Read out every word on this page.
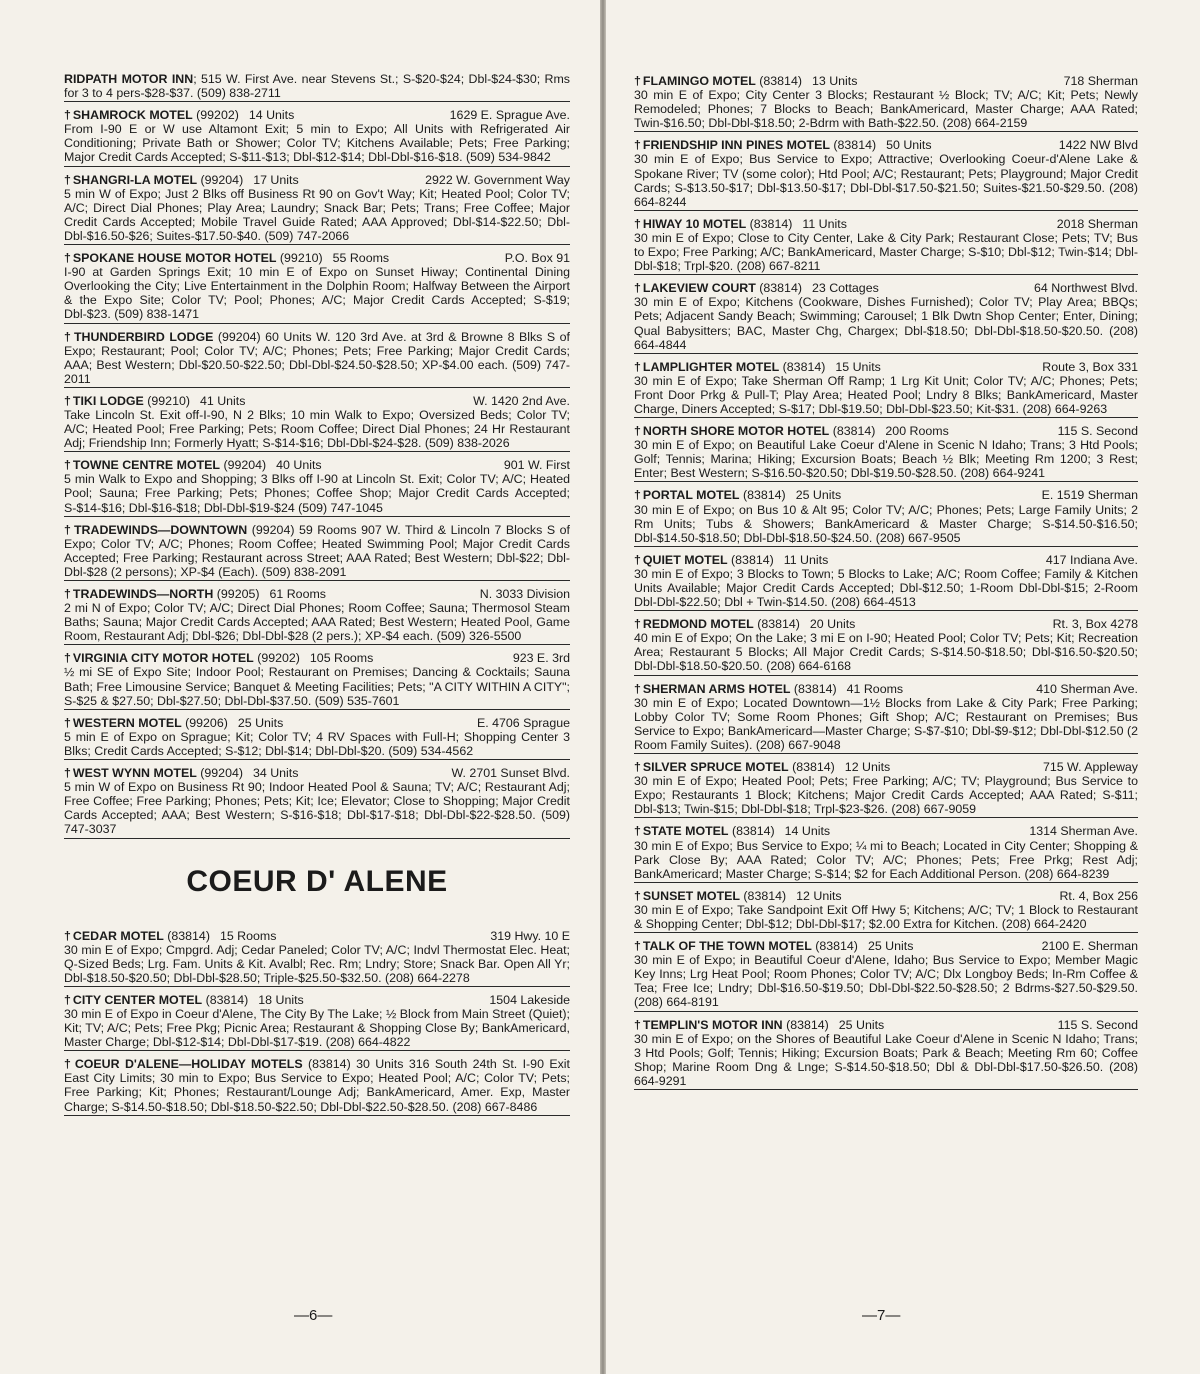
RIDPATH MOTOR INN; 515 W. First Ave. near Stevens St.; S-$20-$24; Dbl-$24-$30; Rms for 3 to 4 pers-$28-$37. (509) 838-2711
† SHAMROCK MOTEL (99202) 14 Units	1629 E. Sprague Ave.
From I-90 E or W use Altamont Exit; 5 min to Expo; All Units with Refrigerated Air Conditioning; Private Bath or Shower; Color TV; Kitchens Available; Pets; Free Parking; Major Credit Cards Accepted; S-$11-$13; Dbl-$12-$14; Dbl-Dbl-$16-$18. (509) 534-9842
† SHANGRI-LA MOTEL (99204) 17 Units	2922 W. Government Way
5 min W of Expo; Just 2 Blks off Business Rt 90 on Gov't Way; Kit; Heated Pool; Color TV; A/C; Direct Dial Phones; Play Area; Laundry; Snack Bar; Pets; Trans; Free Coffee; Major Credit Cards Accepted; Mobile Travel Guide Rated; AAA Approved; Dbl-$14-$22.50; Dbl-Dbl-$16.50-$26; Suites-$17.50-$40. (509) 747-2066
† SPOKANE HOUSE MOTOR HOTEL (99210) 55 Rooms	P.O. Box 91
I-90 at Garden Springs Exit; 10 min E of Expo on Sunset Hiway; Continental Dining Overlooking the City; Live Entertainment in the Dolphin Room; Halfway Between the Airport & the Expo Site; Color TV; Pool; Phones; A/C; Major Credit Cards Accepted; S-$19; Dbl-$23. (509) 838-1471
† THUNDERBIRD LODGE (99204) 60 Units W. 120 3rd Ave. at 3rd & Browne 8 Blks S of Expo; Restaurant; Pool; Color TV; A/C; Phones; Pets; Free Parking; Major Credit Cards; AAA; Best Western; Dbl-$20.50-$22.50; Dbl-Dbl-$24.50-$28.50; XP-$4.00 each. (509) 747-2011
† TIKI LODGE (99210) 41 Units	W. 1420 2nd Ave.
Take Lincoln St. Exit off-I-90, N 2 Blks; 10 min Walk to Expo; Oversized Beds; Color TV; A/C; Heated Pool; Free Parking; Pets; Room Coffee; Direct Dial Phones; 24 Hr Restaurant Adj; Friendship Inn; Formerly Hyatt; S-$14-$16; Dbl-Dbl-$24-$28. (509) 838-2026
† TOWNE CENTRE MOTEL (99204) 40 Units	901 W. First
5 min Walk to Expo and Shopping; 3 Blks off I-90 at Lincoln St. Exit; Color TV; A/C; Heated Pool; Sauna; Free Parking; Pets; Phones; Coffee Shop; Major Credit Cards Accepted; S-$14-$16; Dbl-$16-$18; Dbl-Dbl-$19-$24 (509) 747-1045
† TRADEWINDS—DOWNTOWN (99204) 59 Rooms 907 W. Third & Lincoln 7 Blocks S of Expo; Color TV; A/C; Phones; Room Coffee; Heated Swimming Pool; Major Credit Cards Accepted; Free Parking; Restaurant across Street; AAA Rated; Best Western; Dbl-$22; Dbl-Dbl-$28 (2 persons); XP-$4 (Each). (509) 838-2091
† TRADEWINDS—NORTH (99205) 61 Rooms	N. 3033 Division
2 mi N of Expo; Color TV; A/C; Direct Dial Phones; Room Coffee; Sauna; Thermosol Steam Baths; Sauna; Major Credit Cards Accepted; AAA Rated; Best Western; Heated Pool, Game Room, Restaurant Adj; Dbl-$26; Dbl-Dbl-$28 (2 pers.); XP-$4 each. (509) 326-5500
† VIRGINIA CITY MOTOR HOTEL (99202) 105 Rooms	923 E. 3rd
½ mi SE of Expo Site; Indoor Pool; Restaurant on Premises; Dancing & Cocktails; Sauna Bath; Free Limousine Service; Banquet & Meeting Facilities; Pets; "A CITY WITHIN A CITY"; S-$25 & $27.50; Dbl-$27.50; Dbl-Dbl-$37.50. (509) 535-7601
† WESTERN MOTEL (99206) 25 Units	E. 4706 Sprague
5 min E of Expo on Sprague; Kit; Color TV; 4 RV Spaces with Full-H; Shopping Center 3 Blks; Credit Cards Accepted; S-$12; Dbl-$14; Dbl-Dbl-$20. (509) 534-4562
† WEST WYNN MOTEL (99204) 34 Units	W. 2701 Sunset Blvd.
5 min W of Expo on Business Rt 90; Indoor Heated Pool & Sauna; TV; A/C; Restaurant Adj; Free Coffee; Free Parking; Phones; Pets; Kit; Ice; Elevator; Close to Shopping; Major Credit Cards Accepted; AAA; Best Western; S-$16-$18; Dbl-$17-$18; Dbl-Dbl-$22-$28.50. (509) 747-3037
COEUR D' ALENE
† CEDAR MOTEL (83814) 15 Rooms	319 Hwy. 10 E
30 min E of Expo; Cmpgrd. Adj; Cedar Paneled; Color TV; A/C; Indvl Thermostat Elec. Heat; Q-Sized Beds; Lrg. Fam. Units & Kit. Avalbl; Rec. Rm; Lndry; Store; Snack Bar. Open All Yr; Dbl-$18.50-$20.50; Dbl-Dbl-$28.50; Triple-$25.50-$32.50. (208) 664-2278
† CITY CENTER MOTEL (83814) 18 Units	1504 Lakeside
30 min E of Expo in Coeur d'Alene, The City By The Lake; ½ Block from Main Street (Quiet); Kit; TV; A/C; Pets; Free Pkg; Picnic Area; Restaurant & Shopping Close By; BankAmericard, Master Charge; Dbl-$12-$14; Dbl-Dbl-$17-$19. (208) 664-4822
† COEUR D'ALENE—HOLIDAY MOTELS (83814) 30 Units 316 South 24th St. I-90 Exit East City Limits; 30 min to Expo; Bus Service to Expo; Heated Pool; A/C; Color TV; Pets; Free Parking; Kit; Phones; Restaurant/Lounge Adj; BankAmericard, Amer. Exp, Master Charge; S-$14.50-$18.50; Dbl-$18.50-$22.50; Dbl-Dbl-$22.50-$28.50. (208) 667-8486
—6—
† FLAMINGO MOTEL (83814) 13 Units	718 Sherman
30 min E of Expo; City Center 3 Blocks; Restaurant ½ Block; TV; A/C; Kit; Pets; Newly Remodeled; Phones; 7 Blocks to Beach; BankAmericard, Master Charge; AAA Rated; Twin-$16.50; Dbl-Dbl-$18.50; 2-Bdrm with Bath-$22.50. (208) 664-2159
† FRIENDSHIP INN PINES MOTEL (83814) 50 Units	1422 NW Blvd
30 min E of Expo; Bus Service to Expo; Attractive; Overlooking Coeur-d'Alene Lake & Spokane River; TV (some color); Htd Pool; A/C; Restaurant; Pets; Playground; Major Credit Cards; S-$13.50-$17; Dbl-$13.50-$17; Dbl-Dbl-$17.50-$21.50; Suites-$21.50-$29.50. (208) 664-8244
† HIWAY 10 MOTEL (83814) 11 Units	2018 Sherman
30 min E of Expo; Close to City Center, Lake & City Park; Restaurant Close; Pets; TV; Bus to Expo; Free Parking; A/C; BankAmericard, Master Charge; S-$10; Dbl-$12; Twin-$14; Dbl-Dbl-$18; Trpl-$20. (208) 667-8211
† LAKEVIEW COURT (83814) 23 Cottages	64 Northwest Blvd.
30 min E of Expo; Kitchens (Cookware, Dishes Furnished); Color TV; Play Area; BBQs; Pets; Adjacent Sandy Beach; Swimming; Carousel; 1 Blk Dwtn Shop Center; Enter, Dining; Qual Babysitters; BAC, Master Chg, Chargex; Dbl-$18.50; Dbl-Dbl-$18.50-$20.50. (208) 664-4844
† LAMPLIGHTER MOTEL (83814) 15 Units	Route 3, Box 331
30 min E of Expo; Take Sherman Off Ramp; 1 Lrg Kit Unit; Color TV; A/C; Phones; Pets; Front Door Prkg & Pull-T; Play Area; Heated Pool; Lndry 8 Blks; BankAmericard, Master Charge, Diners Accepted; S-$17; Dbl-$19.50; Dbl-Dbl-$23.50; Kit-$31. (208) 664-9263
† NORTH SHORE MOTOR HOTEL (83814) 200 Rooms	115 S. Second
30 min E of Expo; on Beautiful Lake Coeur d'Alene in Scenic N Idaho; Trans; 3 Htd Pools; Golf; Tennis; Marina; Hiking; Excursion Boats; Beach ½ Blk; Meeting Rm 1200; 3 Rest; Enter; Best Western; S-$16.50-$20.50; Dbl-$19.50-$28.50. (208) 664-9241
† PORTAL MOTEL (83814) 25 Units	E. 1519 Sherman
30 min E of Expo; on Bus 10 & Alt 95; Color TV; A/C; Phones; Pets; Large Family Units; 2 Rm Units; Tubs & Showers; BankAmericard & Master Charge; S-$14.50-$16.50; Dbl-$14.50-$18.50; Dbl-Dbl-$18.50-$24.50. (208) 667-9505
† QUIET MOTEL (83814) 11 Units	417 Indiana Ave.
30 min E of Expo; 3 Blocks to Town; 5 Blocks to Lake; A/C; Room Coffee; Family & Kitchen Units Available; Major Credit Cards Accepted; Dbl-$12.50; 1-Room Dbl-Dbl-$15; 2-Room Dbl-Dbl-$22.50; Dbl + Twin-$14.50. (208) 664-4513
† REDMOND MOTEL (83814) 20 Units	Rt. 3, Box 4278
40 min E of Expo; On the Lake; 3 mi E on I-90; Heated Pool; Color TV; Pets; Kit; Recreation Area; Restaurant 5 Blocks; All Major Credit Cards; S-$14.50-$18.50; Dbl-$16.50-$20.50; Dbl-Dbl-$18.50-$20.50. (208) 664-6168
† SHERMAN ARMS HOTEL (83814) 41 Rooms	410 Sherman Ave.
30 min E of Expo; Located Downtown—1½ Blocks from Lake & City Park; Free Parking; Lobby Color TV; Some Room Phones; Gift Shop; A/C; Restaurant on Premises; Bus Service to Expo; BankAmericard—Master Charge; S-$7-$10; Dbl-$9-$12; Dbl-Dbl-$12.50 (2 Room Family Suites). (208) 667-9048
† SILVER SPRUCE MOTEL (83814) 12 Units	715 W. Appleway
30 min E of Expo; Heated Pool; Pets; Free Parking; A/C; TV; Playground; Bus Service to Expo; Restaurants 1 Block; Kitchens; Major Credit Cards Accepted; AAA Rated; S-$11; Dbl-$13; Twin-$15; Dbl-Dbl-$18; Trpl-$23-$26. (208) 667-9059
† STATE MOTEL (83814) 14 Units	1314 Sherman Ave.
30 min E of Expo; Bus Service to Expo; ¼ mi to Beach; Located in City Center; Shopping & Park Close By; AAA Rated; Color TV; A/C; Phones; Pets; Free Prkg; Rest Adj; BankAmericard; Master Charge; S-$14; $2 for Each Additional Person. (208) 664-8239
† SUNSET MOTEL (83814) 12 Units	Rt. 4, Box 256
30 min E of Expo; Take Sandpoint Exit Off Hwy 5; Kitchens; A/C; TV; 1 Block to Restaurant & Shopping Center; Dbl-$12; Dbl-Dbl-$17; $2.00 Extra for Kitchen. (208) 664-2420
† TALK OF THE TOWN MOTEL (83814) 25 Units	2100 E. Sherman
30 min E of Expo; in Beautiful Coeur d'Alene, Idaho; Bus Service to Expo; Member Magic Key Inns; Lrg Heat Pool; Room Phones; Color TV; A/C; Dlx Longboy Beds; In-Rm Coffee & Tea; Free Ice; Lndry; Dbl-$16.50-$19.50; Dbl-Dbl-$22.50-$28.50; 2 Bdrms-$27.50-$29.50. (208) 664-8191
† TEMPLIN'S MOTOR INN (83814) 25 Units	115 S. Second
30 min E of Expo; on the Shores of Beautiful Lake Coeur d'Alene in Scenic N Idaho; Trans; 3 Htd Pools; Golf; Tennis; Hiking; Excursion Boats; Park & Beach; Meeting Rm 60; Coffee Shop; Marine Room Dng & Lnge; S-$14.50-$18.50; Dbl & Dbl-Dbl-$17.50-$26.50. (208) 664-9291
—7—
